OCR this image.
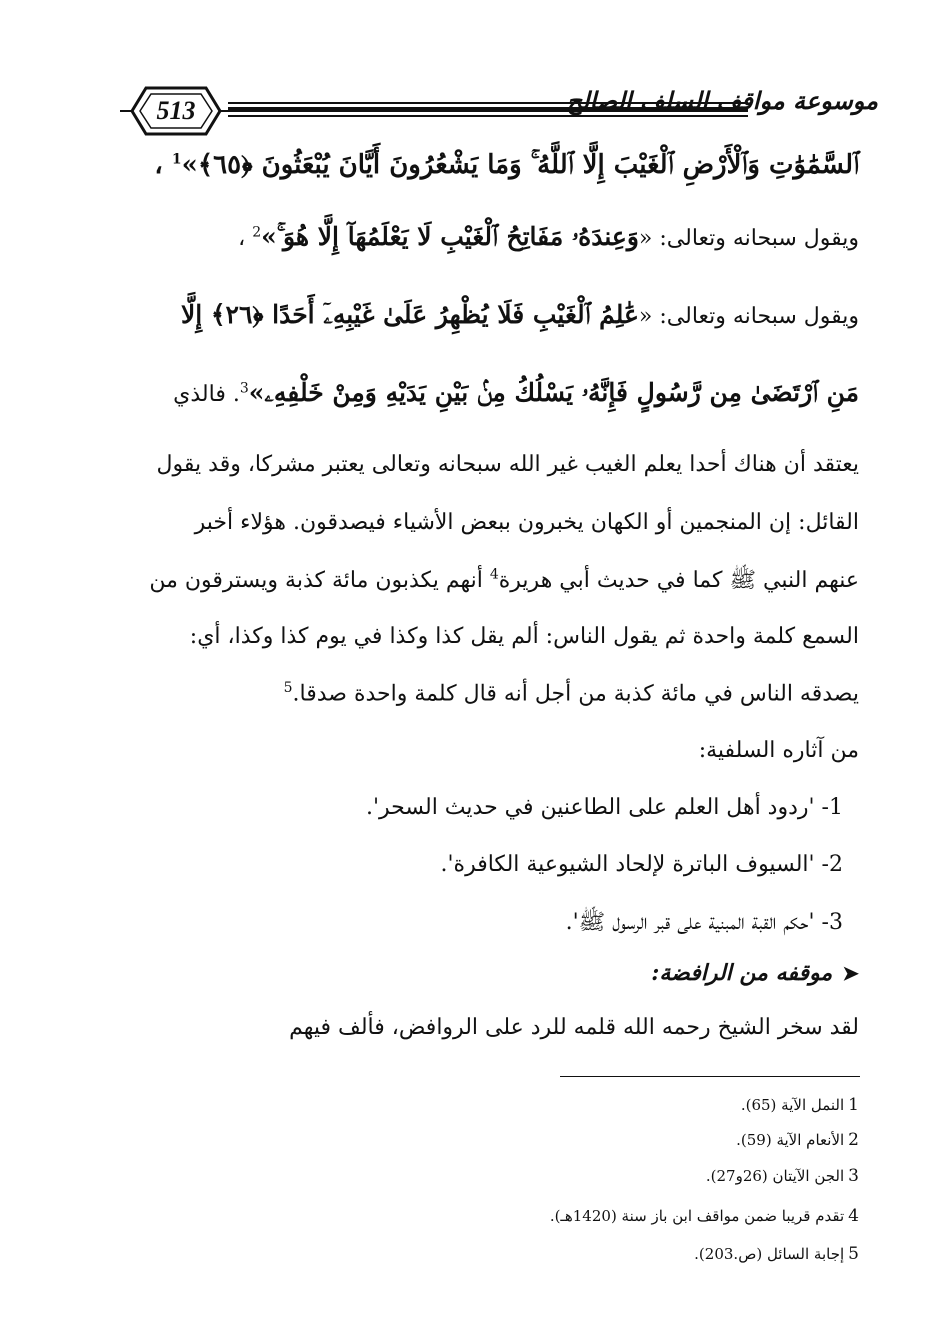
513	موسوعة مواقف السلف الصالح
ٱلسَّمَٰوَٰتِ وَٱلْأَرْضِ ٱلْغَيْبَ إِلَّا ٱللَّهُ ۚ وَمَا يَشْعُرُونَ أَيَّانَ يُبْعَثُونَ ﴿٦٥﴾»$^1$ ،
ويقول سبحانه وتعالى: «وَعِندَهُۥ مَفَاتِحُ ٱلْغَيْبِ لَا يَعْلَمُهَآ إِلَّا هُوَ ۚ»$^2$ ،
ويقول سبحانه وتعالى: «عَٰلِمُ ٱلْغَيْبِ فَلَا يُظْهِرُ عَلَىٰ غَيْبِهِۦٓ أَحَدًا ﴿٢٦﴾ إِلَّا
مَنِ ٱرْتَضَىٰ مِن رَّسُولٍ فَإِنَّهُۥ يَسْلُكُ مِنۢ بَيْنِ يَدَيْهِ وَمِنْ خَلْفِهِۦ»$^3$. فالذي
يعتقد أن هناك أحدا يعلم الغيب غير الله سبحانه وتعالى يعتبر مشركا، وقد يقول
القائل: إن المنجمين أو الكهان يخبرون ببعض الأشياء فيصدقون. هؤلاء أخبر
عنهم النبي ﷺ كما في حديث أبي هريرة$^4$ أنهم يكذبون مائة كذبة ويسترقون من
السمع كلمة واحدة ثم يقول الناس: ألم يقل كذا وكذا في يوم كذا وكذا، أي:
يصدقه الناس في مائة كذبة من أجل أنه قال كلمة واحدة صدقا.$^5$
من آثاره السلفية:
1- 'ردود أهل العلم على الطاعنين في حديث السحر'.
2- 'السيوف الباترة لإلحاد الشيوعية الكافرة'.
3- 'حكم القبة المبنية على قبر الرسول ﷺ'.
➤موقفه من الرافضة:
لقد سخر الشيخ رحمه الله قلمه للرد على الروافض، فألف فيهم
1النمل الآية (65).
2الأنعام الآية (59).
3الجن الآيتان (26و27).
4تقدم قريبا ضمن مواقف ابن باز سنة (1420هـ).
5إجابة السائل (ص.203).
